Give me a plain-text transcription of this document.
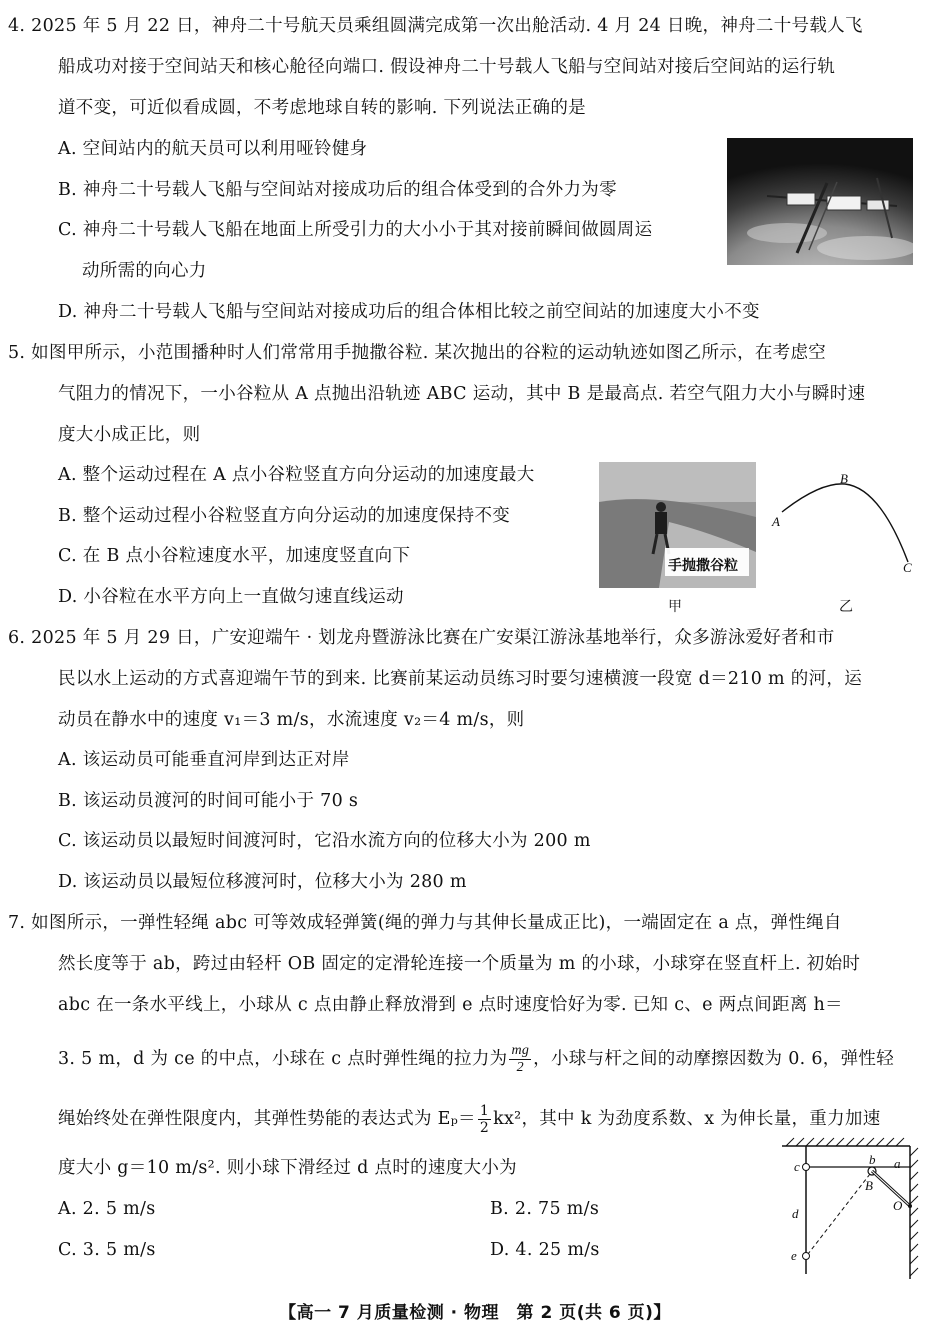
4. 2025 年 5 月 22 日，神舟二十号航天员乘组圆满完成第一次出舱活动. 4 月 24 日晚，神舟二十号载人飞
船成功对接于空间站天和核心舱径向端口. 假设神舟二十号载人飞船与空间站对接后空间站的运行轨
道不变，可近似看成圆，不考虑地球自转的影响. 下列说法正确的是
A. 空间站内的航天员可以利用哑铃健身
B. 神舟二十号载人飞船与空间站对接成功后的组合体受到的合外力为零
C. 神舟二十号载人飞船在地面上所受引力的大小小于其对接前瞬间做圆周运
动所需的向心力
D. 神舟二十号载人飞船与空间站对接成功后的组合体相比较之前空间站的加速度大小不变
5. 如图甲所示，小范围播种时人们常常用手抛撒谷粒. 某次抛出的谷粒的运动轨迹如图乙所示，在考虑空
气阻力的情况下，一小谷粒从 A 点抛出沿轨迹 ABC 运动，其中 B 是最高点. 若空气阻力大小与瞬时速
度大小成正比，则
A. 整个运动过程在 A 点小谷粒竖直方向分运动的加速度最大
B. 整个运动过程小谷粒竖直方向分运动的加速度保持不变
C. 在 B 点小谷粒速度水平，加速度竖直向下
D. 小谷粒在水平方向上一直做匀速直线运动
手抛撒谷粒
甲	乙
A
B
C
6. 2025 年 5 月 29 日，广安迎端午 · 划龙舟暨游泳比赛在广安渠江游泳基地举行，众多游泳爱好者和市
民以水上运动的方式喜迎端午节的到来. 比赛前某运动员练习时要匀速横渡一段宽 d＝210 m 的河，运
动员在静水中的速度 v₁＝3 m/s，水流速度 v₂＝4 m/s，则
A. 该运动员可能垂直河岸到达正对岸
B. 该运动员渡河的时间可能小于 70 s
C. 该运动员以最短时间渡河时，它沿水流方向的位移大小为 200 m
D. 该运动员以最短位移渡河时，位移大小为 280 m
7. 如图所示，一弹性轻绳 abc 可等效成轻弹簧(绳的弹力与其伸长量成正比)，一端固定在 a 点，弹性绳自
然长度等于 ab，跨过由轻杆 OB 固定的定滑轮连接一个质量为 m 的小球，小球穿在竖直杆上. 初始时
abc 在一条水平线上，小球从 c 点由静止释放滑到 e 点时速度恰好为零. 已知 c、e 两点间距离 h＝
3. 5 m，d 为 ce 的中点，小球在 c 点时弹性绳的拉力为 $\frac{mg}{2}$ ，小球与杆之间的动摩擦因数为 0. 6，弹性轻
绳始终处在弹性限度内，其弹性势能的表达式为 $E_p= \frac{1}{2} kx^2$，其中 k 为劲度系数、x 为伸长量，重力加速
度大小 g＝10 m/s². 则小球下滑经过 d 点时的速度大小为
A. 2. 5 m/s	B. 2. 75 m/s
C. 3. 5 m/s	D. 4. 25 m/s
c	b a
B
d
O
e
【高一 7 月质量检测 · 物理　第 2 页(共 6 页)】
